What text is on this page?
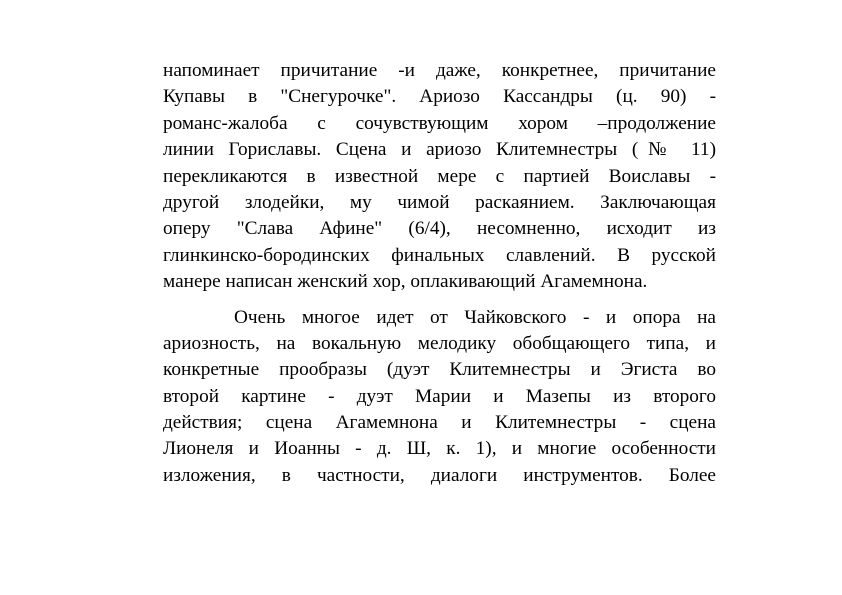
напоминает причитание -и даже, конкретнее, причитание
Купавы в "Снегурочке". Ариозо Кассандры (ц. 90) -
романс-жалоба с сочувствующим хором –продолжение
линии Гориславы. Сцена и ариозо Клитемнестры (№ 11)
перекликаются в известной мере с партией Воиславы -
другой злодейки, му чимой раскаянием. Заключающая
оперу "Слава Афине" (6/4), несомненно, исходит из
глинкинско-бородинских финальных славлений. В русской
манере написан женский хор, оплакивающий Агамемнона.
Очень многое идет от Чайковского - и опора на
ариозность, на вокальную мелодику обобщающего типа, и
конкретные прообразы (дуэт Клитемнестры и Эгиста во
второй картине - дуэт Марии и Мазепы из второго
действия; сцена Агамемнона и Клитемнестры - сцена
Лионеля и Иоанны - д. Ш, к. 1), и многие особенности
изложения, в частности, диалоги инструментов. Более
